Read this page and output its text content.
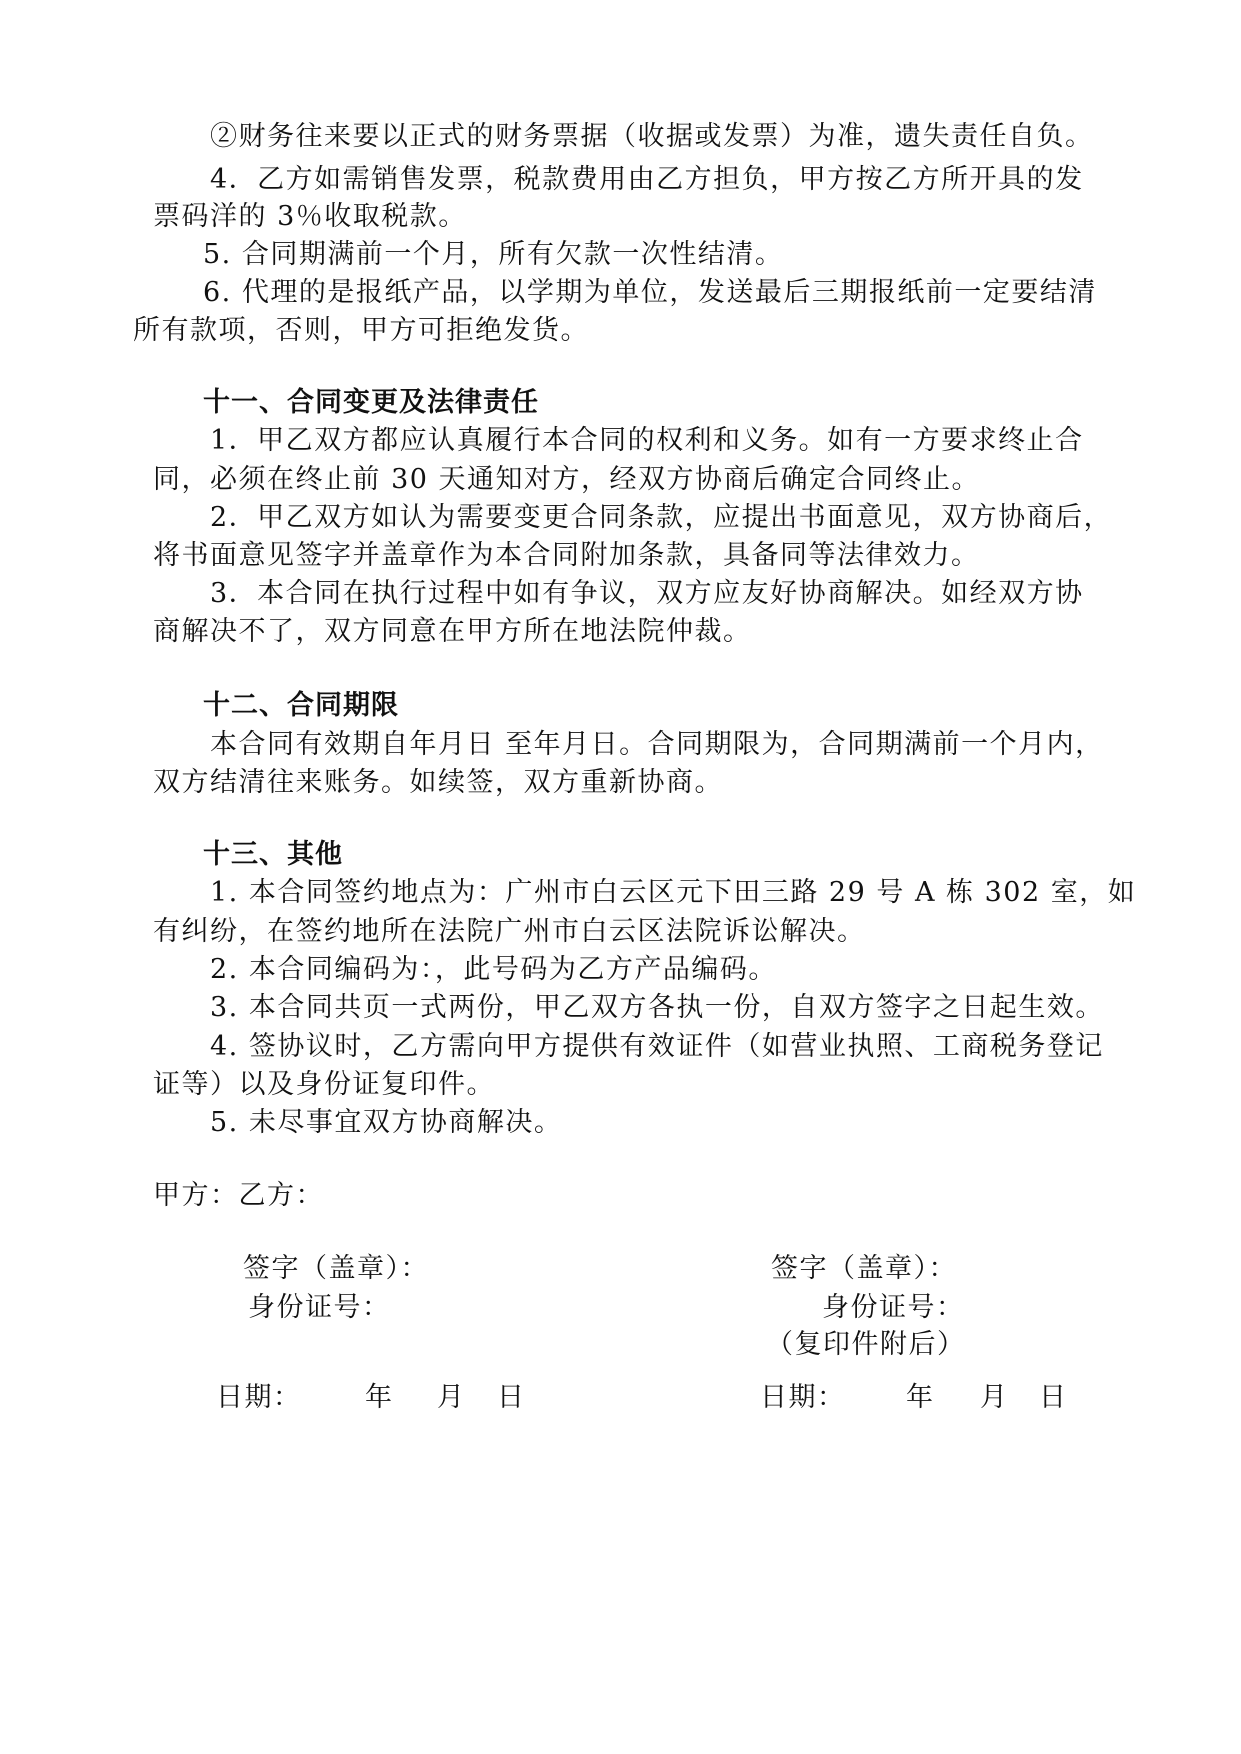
②财务往来要以正式的财务票据（收据或发票）为准，遗失责任自负。
4．乙方如需销售发票，税款费用由乙方担负，甲方按乙方所开具的发
票码洋的 3％收取税款。
5. 合同期满前一个月，所有欠款一次性结清。
6. 代理的是报纸产品，以学期为单位，发送最后三期报纸前一定要结清
所有款项，否则，甲方可拒绝发货。
十一、合同变更及法律责任
1．甲乙双方都应认真履行本合同的权利和义务。如有一方要求终止合
同，必须在终止前 30 天通知对方，经双方协商后确定合同终止。
2．甲乙双方如认为需要变更合同条款，应提出书面意见，双方协商后，
将书面意见签字并盖章作为本合同附加条款，具备同等法律效力。
3．本合同在执行过程中如有争议，双方应友好协商解决。如经双方协
商解决不了，双方同意在甲方所在地法院仲裁。
十二、合同期限
本合同有效期自年月日 至年月日。合同期限为，合同期满前一个月内，
双方结清往来账务。如续签，双方重新协商。
十三、其他
1. 本合同签约地点为：广州市白云区元下田三路 29 号 A 栋 302 室，如
有纠纷，在签约地所在法院广州市白云区法院诉讼解决。
2. 本合同编码为：，此号码为乙方产品编码。
3. 本合同共页一式两份，甲乙双方各执一份，自双方签字之日起生效。
4. 签协议时，乙方需向甲方提供有效证件（如营业执照、工商税务登记
证等）以及身份证复印件。
5. 未尽事宜双方协商解决。
甲方：乙方：
签字（盖章）：
身份证号：
日期： 年 月 日
签字（盖章）：
身份证号：
（复印件附后）
日期： 年 月 日
